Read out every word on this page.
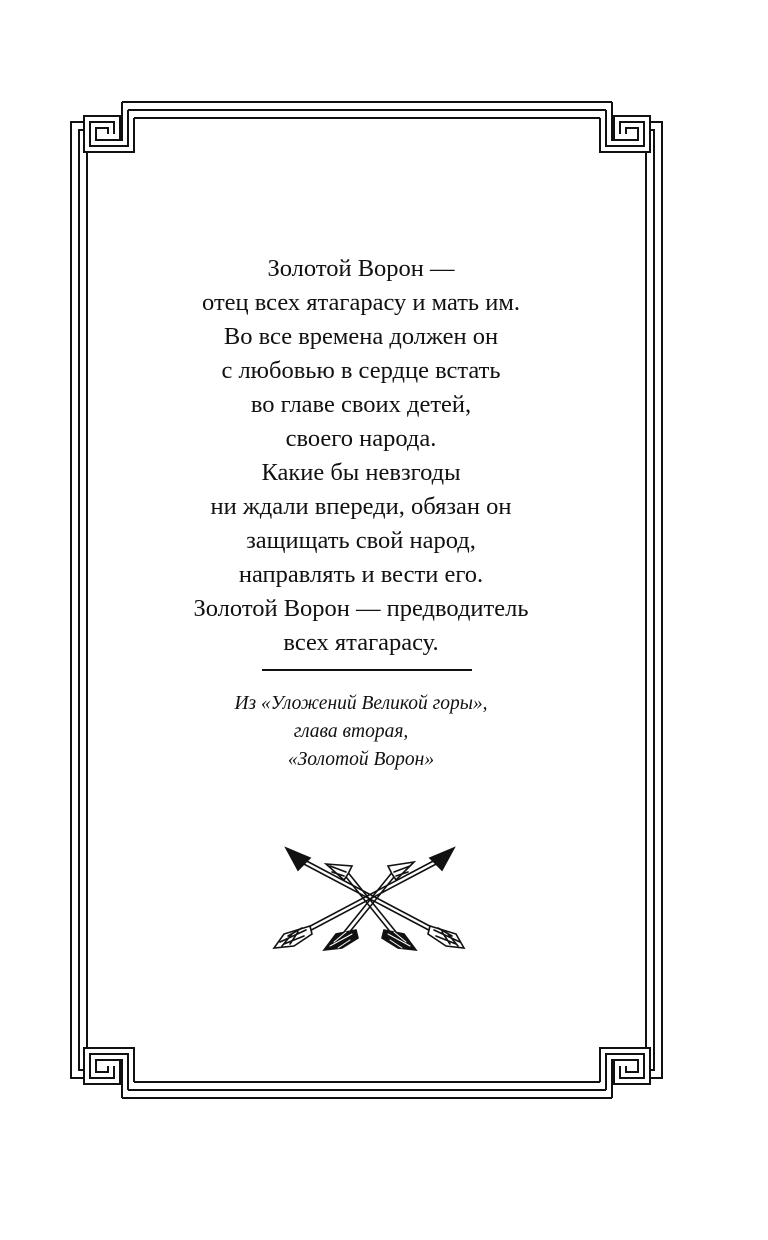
Золотой Ворон —
отец всех ятагарасу и мать им.
Во все времена должен он
с любовью в сердце встать
во главе своих детей,
своего народа.
Какие бы невзгоды
ни ждали впереди, обязан он
защищать свой народ,
направлять и вести его.
Золотой Ворон — предводитель
всех ятагарасу.
Из «Уложений Великой горы»,
глава вторая,
«Золотой Ворон»
